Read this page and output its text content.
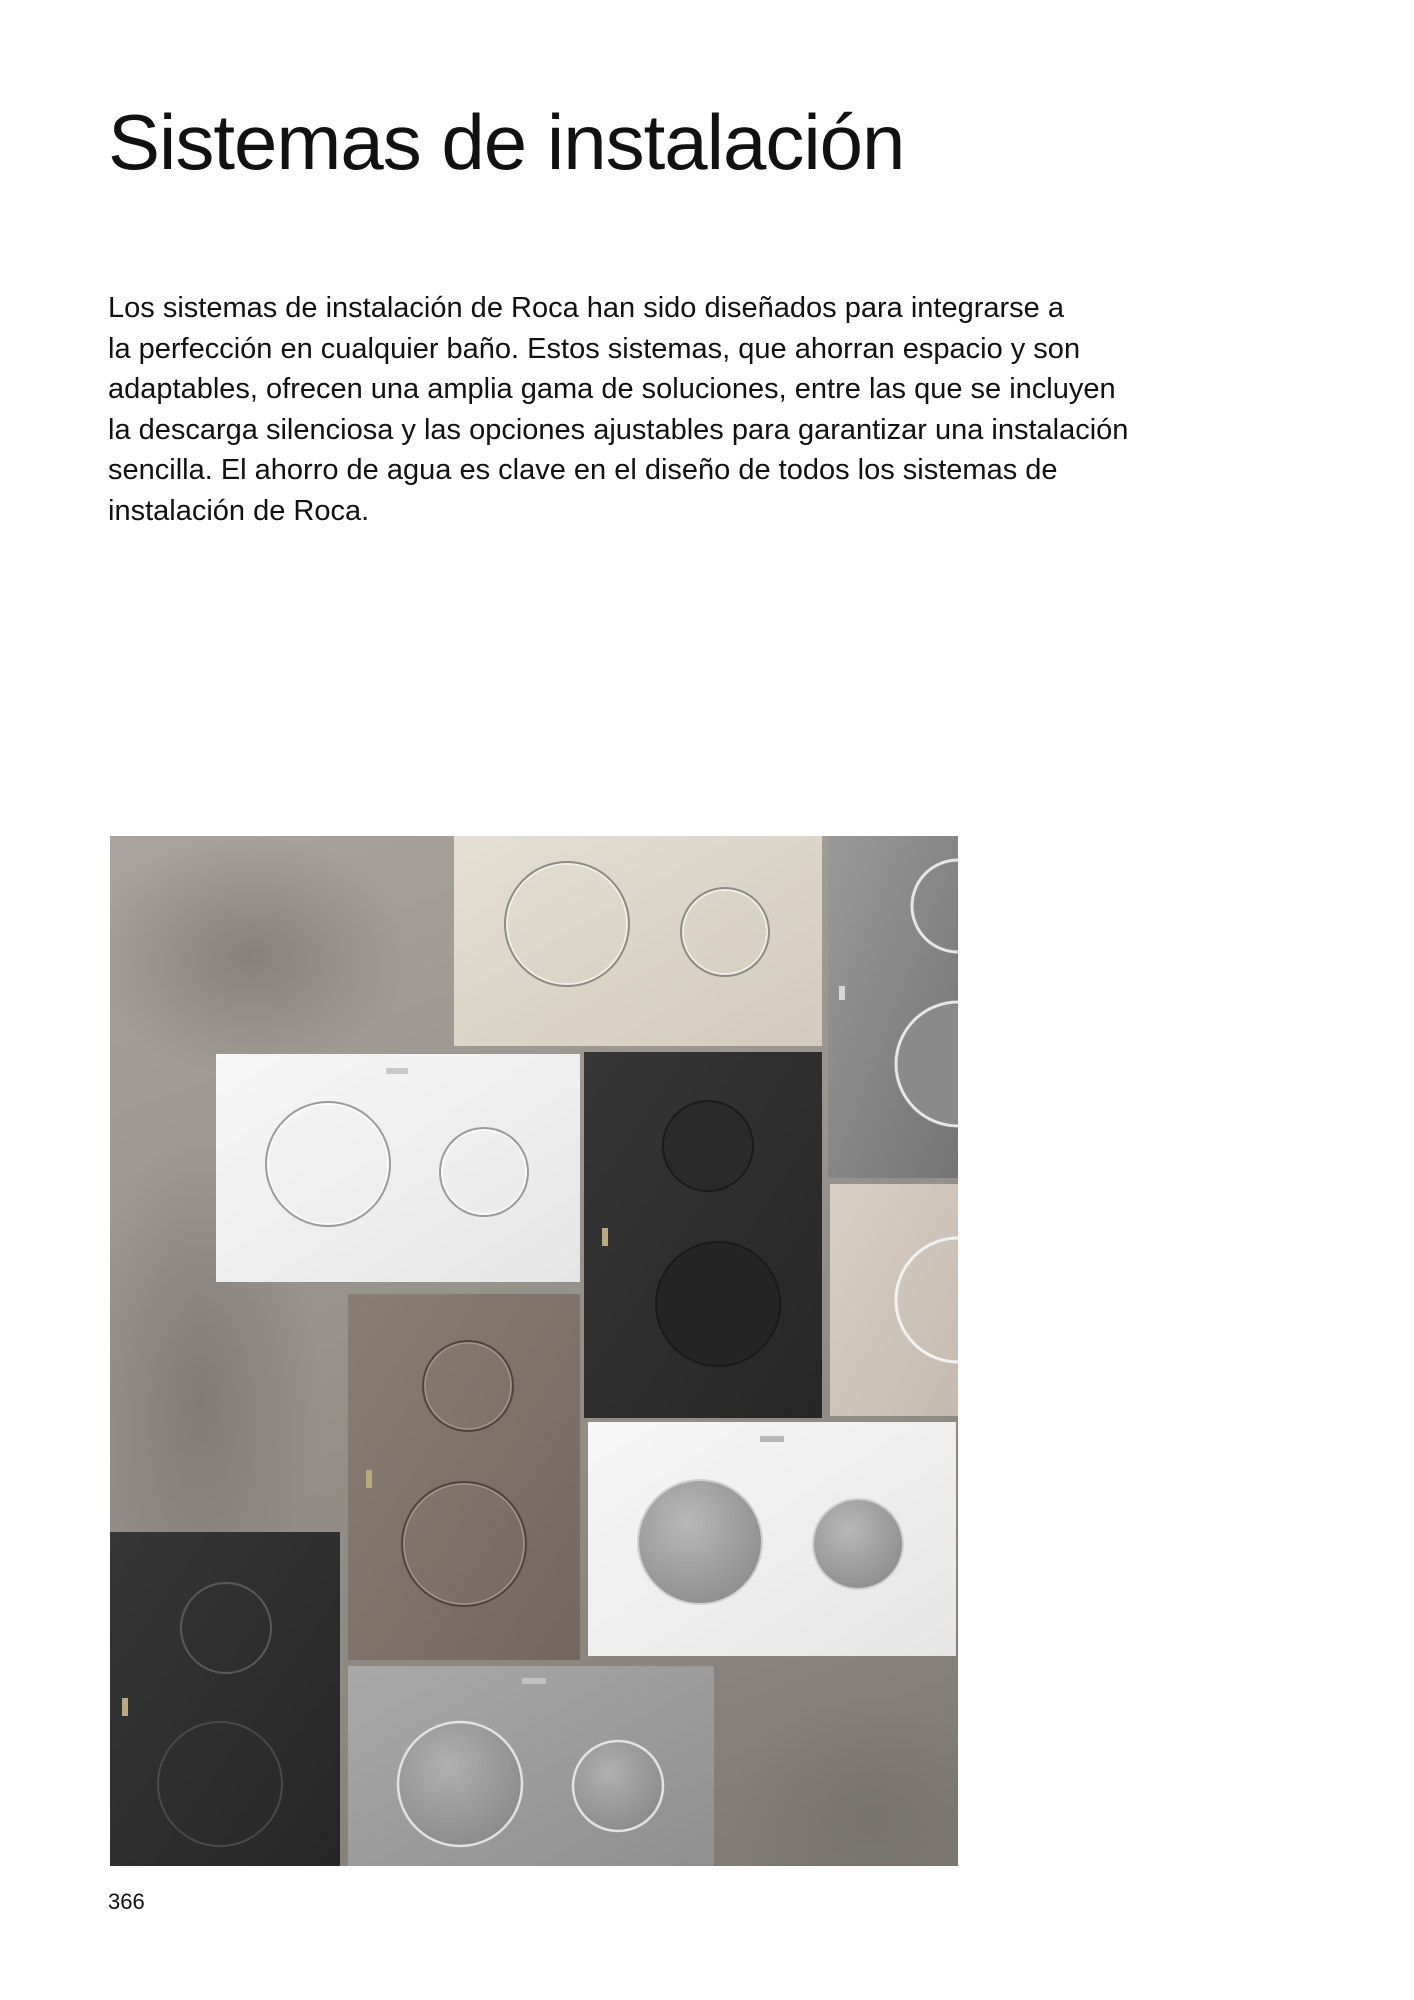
Sistemas de instalación

Los sistemas de instalación de Roca han sido diseñados para integrarse a
la perfección en cualquier baño. Estos sistemas, que ahorran espacio y son
adaptables, ofrecen una amplia gama de soluciones, entre las que se incluyen
la descarga silenciosa y las opciones ajustables para garantizar una instalación
sencilla. El ahorro de agua es clave en el diseño de todos los sistemas de
instalación de Roca.

366
